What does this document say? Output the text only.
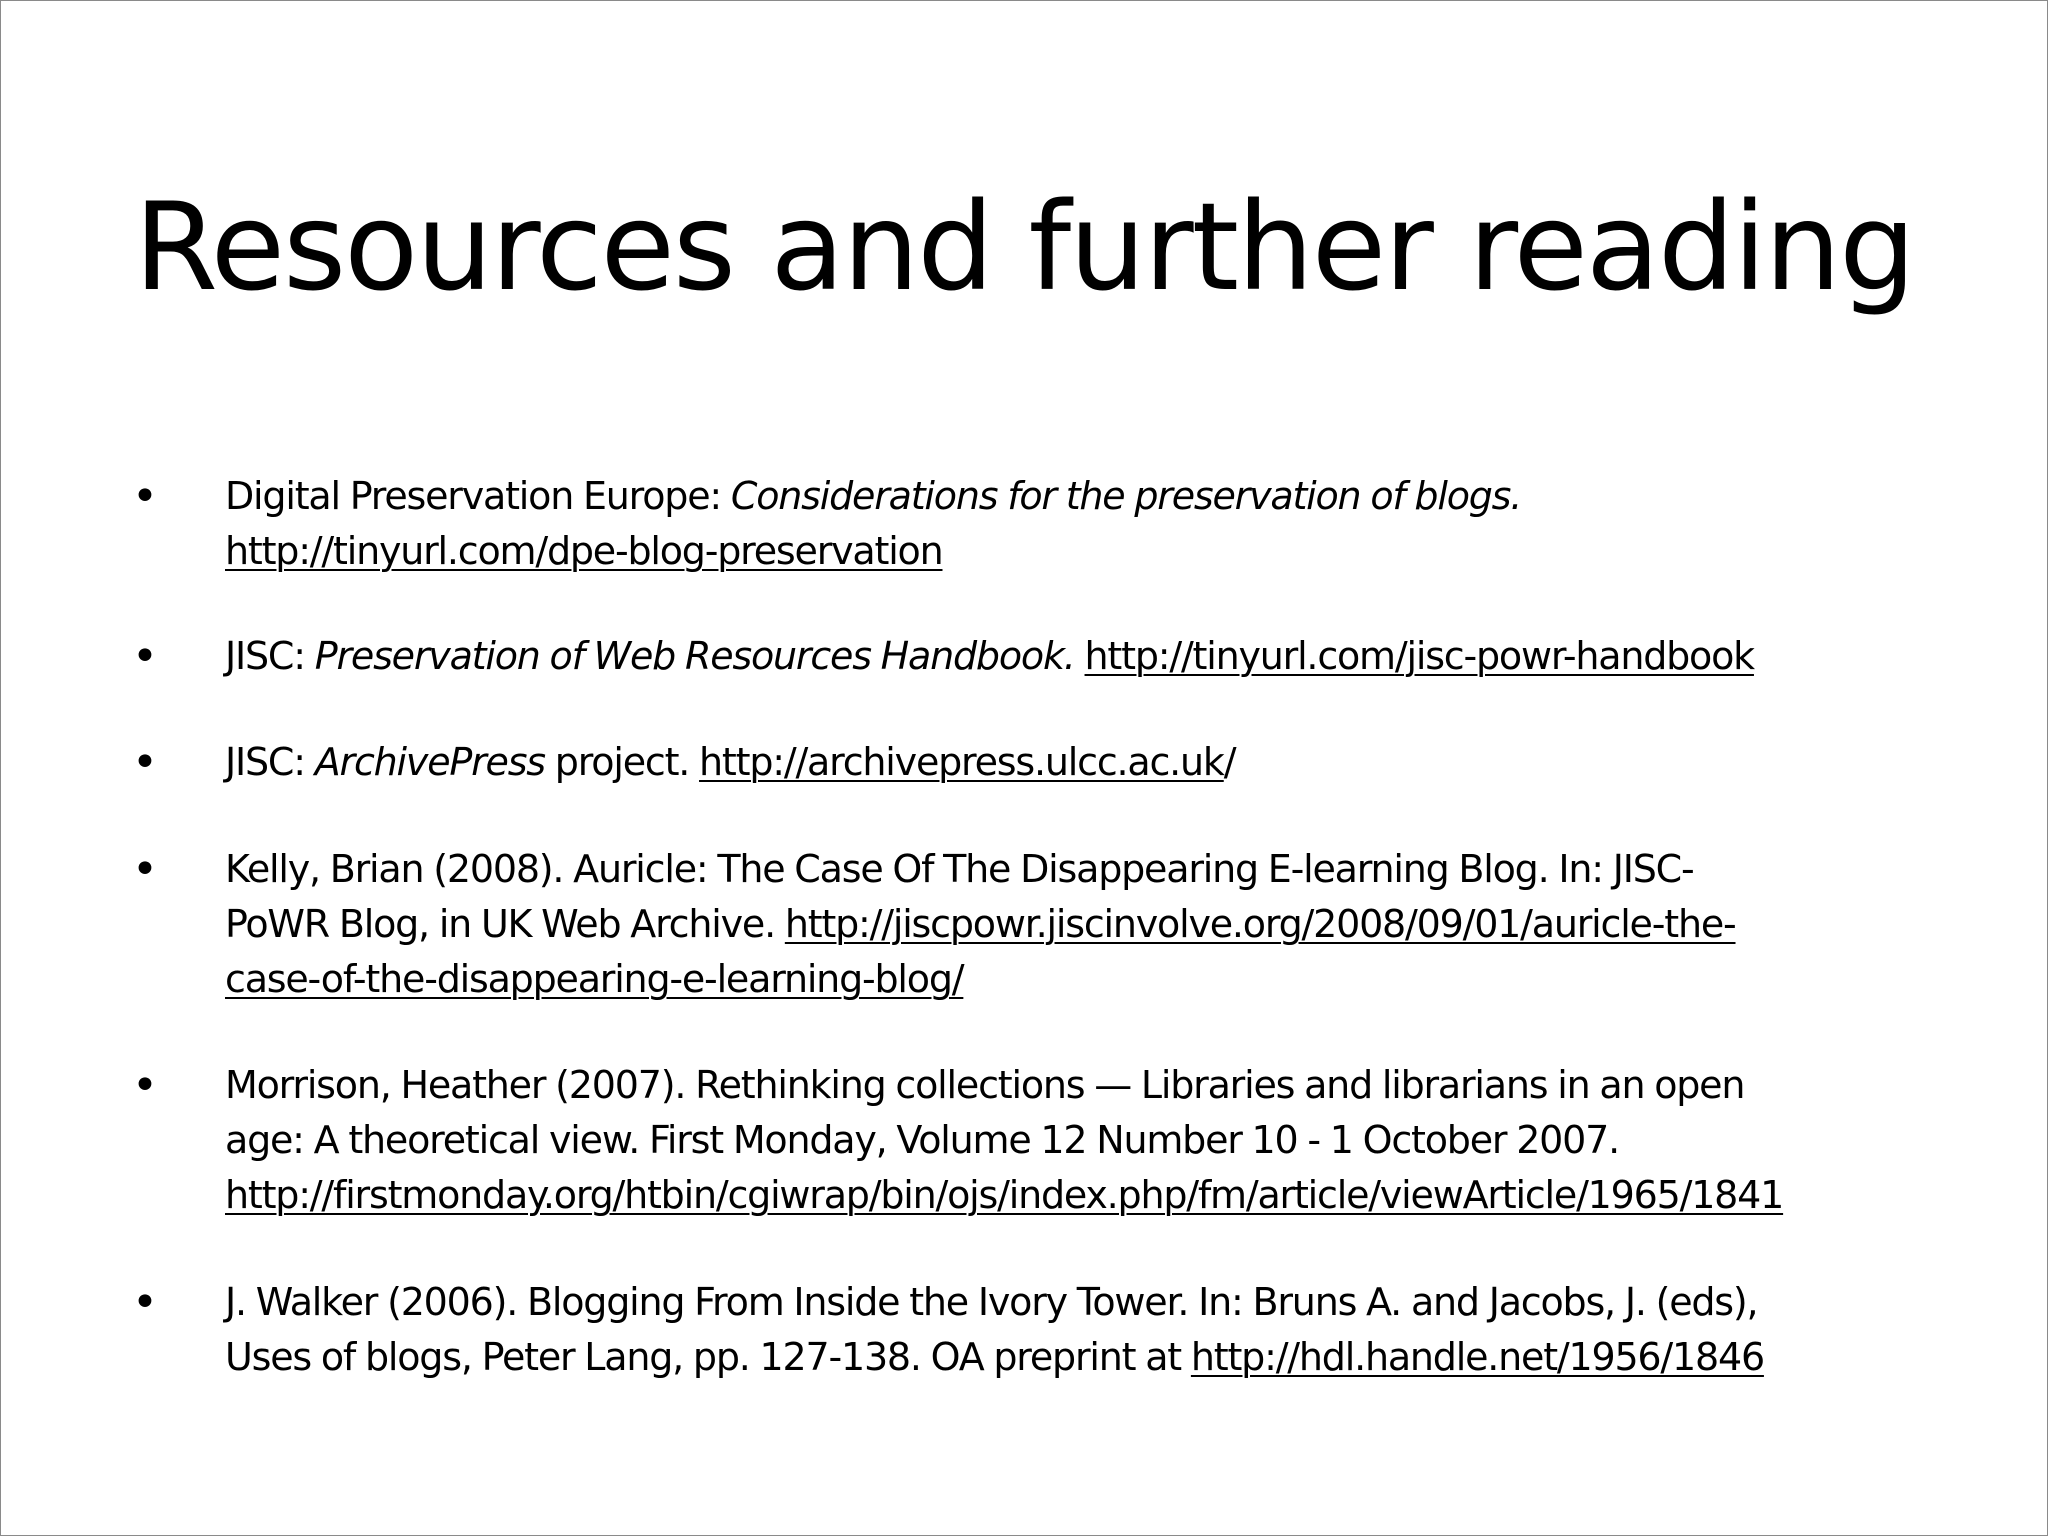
Resources and further reading
• Digital Preservation Europe: Considerations for the preservation of blogs.
http://tinyurl.com/dpe-blog-preservation
• JISC: Preservation of Web Resources Handbook. http://tinyurl.com/jisc-powr-handbook
• JISC: ArchivePress project. http://archivepress.ulcc.ac.uk/
• Kelly, Brian (2008). Auricle: The Case Of The Disappearing E-learning Blog. In: JISC-
PoWR Blog, in UK Web Archive. http://jiscpowr.jiscinvolve.org/2008/09/01/auricle-the-
case-of-the-disappearing-e-learning-blog/
• Morrison, Heather (2007). Rethinking collections — Libraries and librarians in an open
age: A theoretical view. First Monday, Volume 12 Number 10 - 1 October 2007.
http://firstmonday.org/htbin/cgiwrap/bin/ojs/index.php/fm/article/viewArticle/1965/1841
• J. Walker (2006). Blogging From Inside the Ivory Tower. In: Bruns A. and Jacobs, J. (eds),
Uses of blogs, Peter Lang, pp. 127-138. OA preprint at http://hdl.handle.net/1956/1846
